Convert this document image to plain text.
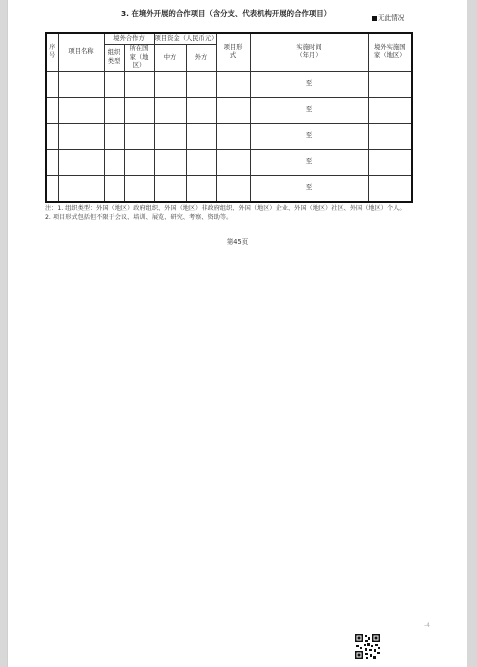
3. 在境外开展的合作项目（含分支、代表机构开展的合作项目）	无此情况
序号	项目名称	境外合作方		项目资金（人民币元）		项目形式	实施时间（年月）	境外实施国家（地区）
		组织类型	所在国家（地区）	中方	外方			
							至	
							至	
							至	
							至	
							至	

注：1. 组织类型：外国（地区）政府组织、外国（地区）非政府组织、外国（地区）企业、外国（地区）社区、外国（地区）个人。

2. 项目形式包括但不限于会议、培训、展览、研究、考察、资助等。

第45页
-4
